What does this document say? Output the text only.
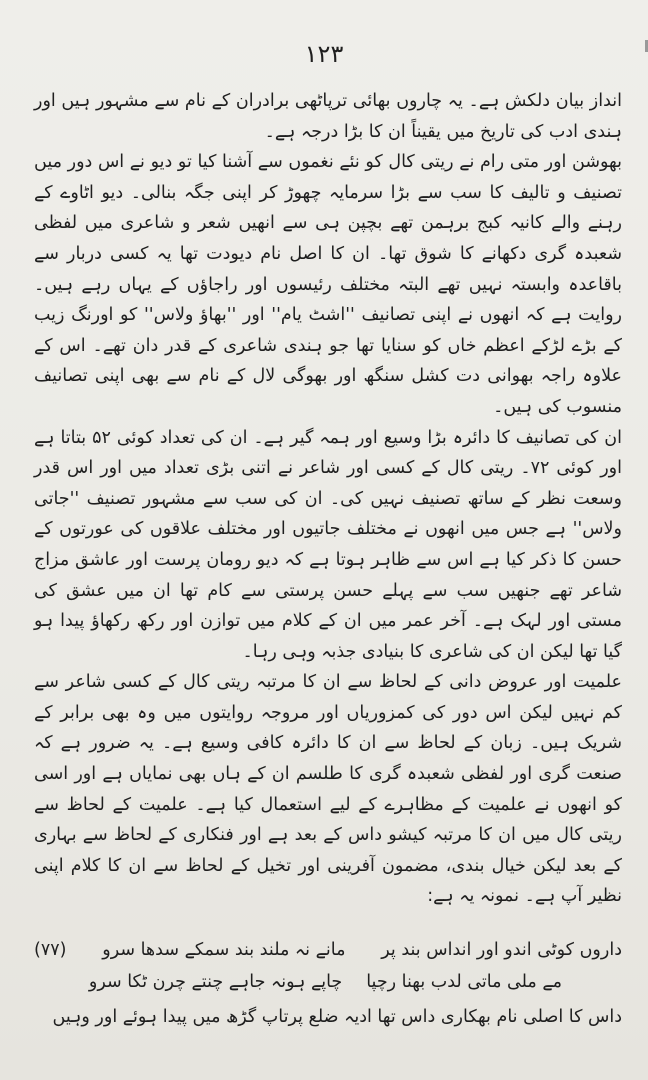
۱۲۳

انداز بیان دلکش ہے۔ یہ چاروں بھائی ترپاٹھی برادران کے نام سے مشہور ہیں اور ہندی ادب کی تاریخ میں یقیناً ان کا بڑا درجہ ہے۔

بھوشن اور متی رام نے ریتی کال کو نئے نغموں سے آشنا کیا تو دیو نے اس دور میں تصنیف و تالیف کا سب سے بڑا سرمایہ چھوڑ کر اپنی جگہ بنالی۔ دیو اٹاوے کے رہنے والے کانیہ کبج برہمن تھے بچپن ہی سے انھیں شعر و شاعری میں لفظی شعبدہ گری دکھانے کا شوق تھا۔ ان کا اصل نام دیودت تھا یہ کسی دربار سے باقاعدہ وابستہ نہیں تھے البتہ مختلف رئیسوں اور راجاؤں کے یہاں رہے ہیں۔ روایت ہے کہ انھوں نے اپنی تصانیف ''اشٹ یام'' اور ''بھاؤ ولاس'' کو اورنگ زیب کے بڑے لڑکے اعظم خاں کو سنایا تھا جو ہندی شاعری کے قدر دان تھے۔ اس کے علاوہ راجہ بھوانی دت کشل سنگھ اور بھوگی لال کے نام سے بھی اپنی تصانیف منسوب کی ہیں۔

ان کی تصانیف کا دائرہ بڑا وسیع اور ہمہ گیر ہے۔ ان کی تعداد کوئی ۵۲ بتاتا ہے اور کوئی ۷۲۔ ریتی کال کے کسی اور شاعر نے اتنی بڑی تعداد میں اور اس قدر وسعت نظر کے ساتھ تصنیف نہیں کی۔ ان کی سب سے مشہور تصنیف ''جاتی ولاس'' ہے جس میں انھوں نے مختلف جاتیوں اور مختلف علاقوں کی عورتوں کے حسن کا ذکر کیا ہے اس سے ظاہر ہوتا ہے کہ دیو رومان پرست اور عاشق مزاج شاعر تھے جنھیں سب سے پہلے حسن پرستی سے کام تھا ان میں عشق کی مستی اور لہک ہے۔ آخر عمر میں ان کے کلام میں توازن اور رکھ رکھاؤ پیدا ہو گیا تھا لیکن ان کی شاعری کا بنیادی جذبہ وہی رہا۔

علمیت اور عروض دانی کے لحاظ سے ان کا مرتبہ ریتی کال کے کسی شاعر سے کم نہیں لیکن اس دور کی کمزوریاں اور مروجہ روایتوں میں وہ بھی برابر کے شریک ہیں۔ زبان کے لحاظ سے ان کا دائرہ کافی وسیع ہے۔ یہ ضرور ہے کہ صنعت گری اور لفظی شعبدہ گری کا طلسم ان کے ہاں بھی نمایاں ہے اور اسی کو انھوں نے علمیت کے مظاہرے کے لیے استعمال کیا ہے۔ علمیت کے لحاظ سے ریتی کال میں ان کا مرتبہ کیشو داس کے بعد ہے اور فنکاری کے لحاظ سے بہاری کے بعد لیکن خیال بندی، مضمون آفرینی اور تخیل کے لحاظ سے ان کا کلام اپنی نظیر آپ ہے۔ نمونہ یہ ہے:

داروں کوٹی اندو اور انداس بند پر
مانے نہ ملند بند سمکے سدھا سرو
(۷۷)
مے ملی ماتی لدب بھنا رچپا
چاپے ہونہ جاہے چنتے چرن ٹکا سرو
داس کا اصلی نام بھکاری داس تھا ادیہ ضلع پرتاپ گڑھ میں پیدا ہوئے اور وہیں
